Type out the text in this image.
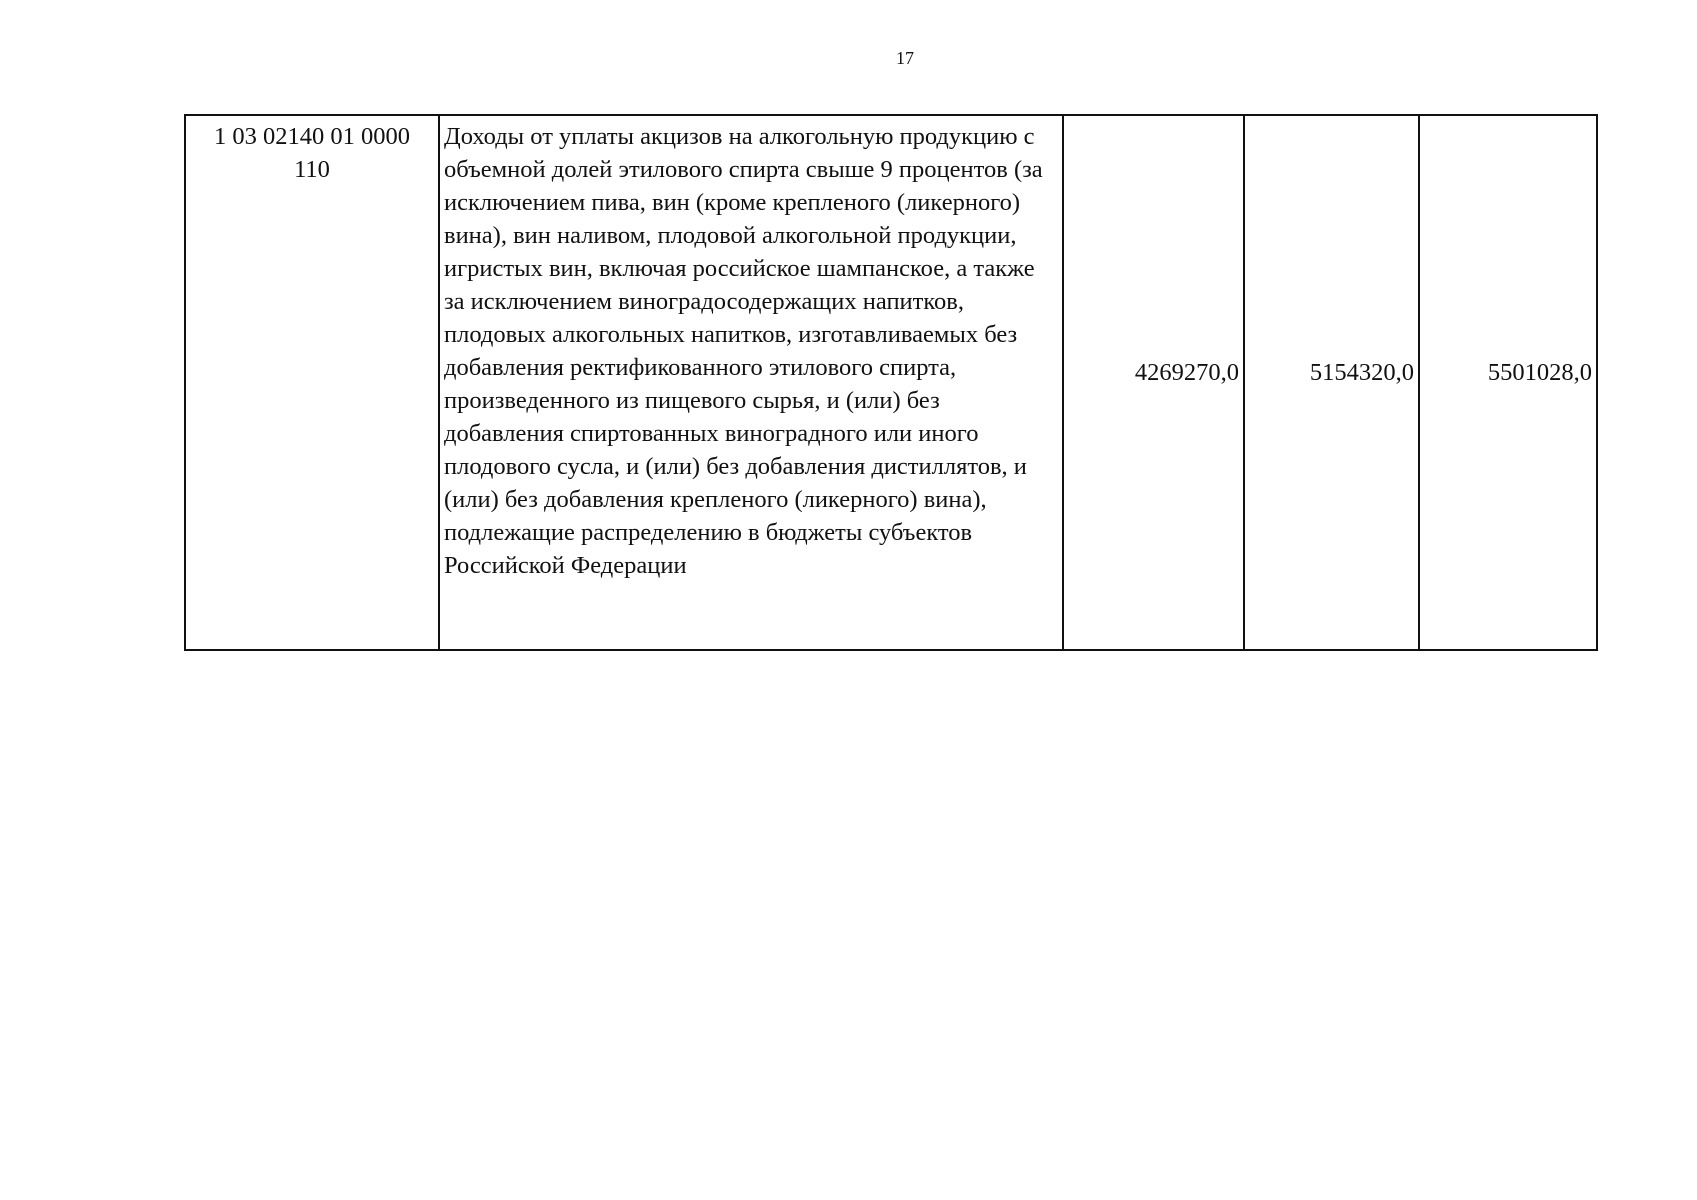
17
1 03 02140 01 0000 110	Доходы от уплаты акцизов на алкогольную продукцию с объемной долей этилового спирта свыше 9 процентов (за исключением пива, вин (кроме крепленого (ликерного) вина), вин наливом, плодовой алкогольной продукции, игристых вин, включая российское шампанское, а также за исключением виноградосодержащих напитков, плодовых алкогольных напитков, изготавливаемых без добавления ректификованного этилового спирта, произведенного из пищевого сырья, и (или) без добавления спиртованных виноградного или иного плодового сусла, и (или) без добавления дистиллятов, и (или) без добавления крепленого (ликерного) вина), подлежащие распределению в бюджеты субъектов Российской Федерации	4269270,0	5154320,0	5501028,0
